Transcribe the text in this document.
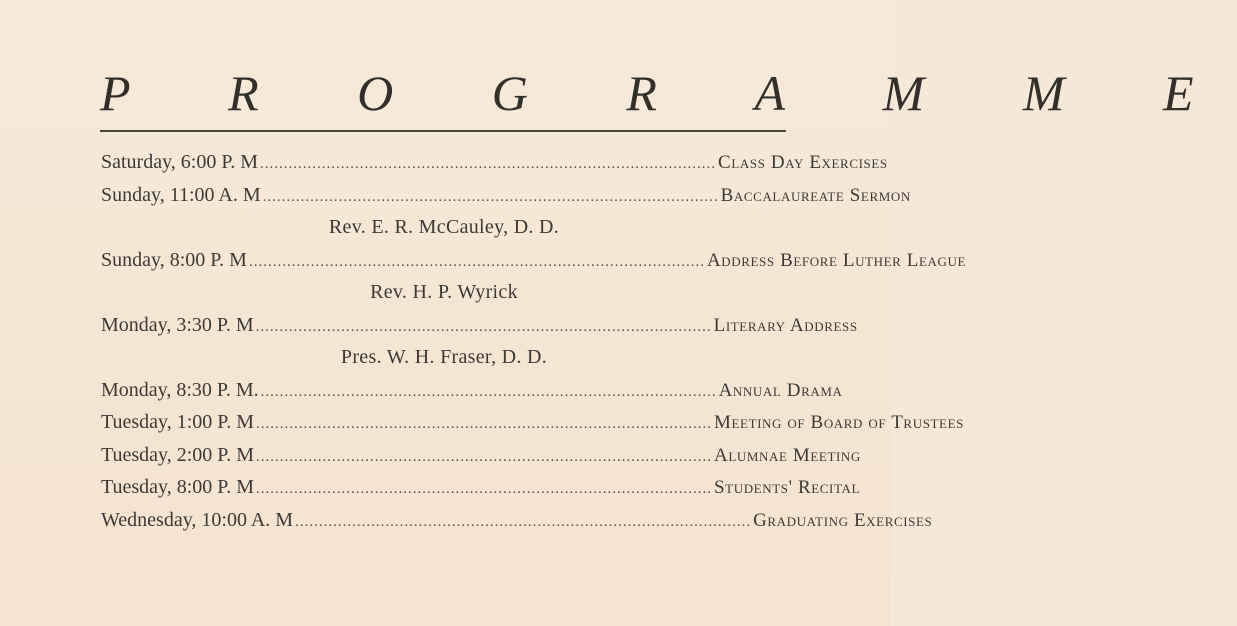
P R O G R A M M E
Saturday, 6:00 P. M ................................................................................................ Class Day Exercises
Sunday, 11:00 A. M ................................................................................................ Baccalaureate Sermon
Rev. E. R. McCauley, D. D.
Sunday, 8:00 P. M ................................................................................................ Address Before Luther League
Rev. H. P. Wyrick
Monday, 3:30 P. M ................................................................................................ Literary Address
Pres. W. H. Fraser, D. D.
Monday, 8:30 P. M. ................................................................................................ Annual Drama
Tuesday, 1:00 P. M ................................................................................................ Meeting of Board of Trustees
Tuesday, 2:00 P. M ................................................................................................ Alumnae Meeting
Tuesday, 8:00 P. M ................................................................................................ Students' Recital
Wednesday, 10:00 A. M ................................................................................................ Graduating Exercises
